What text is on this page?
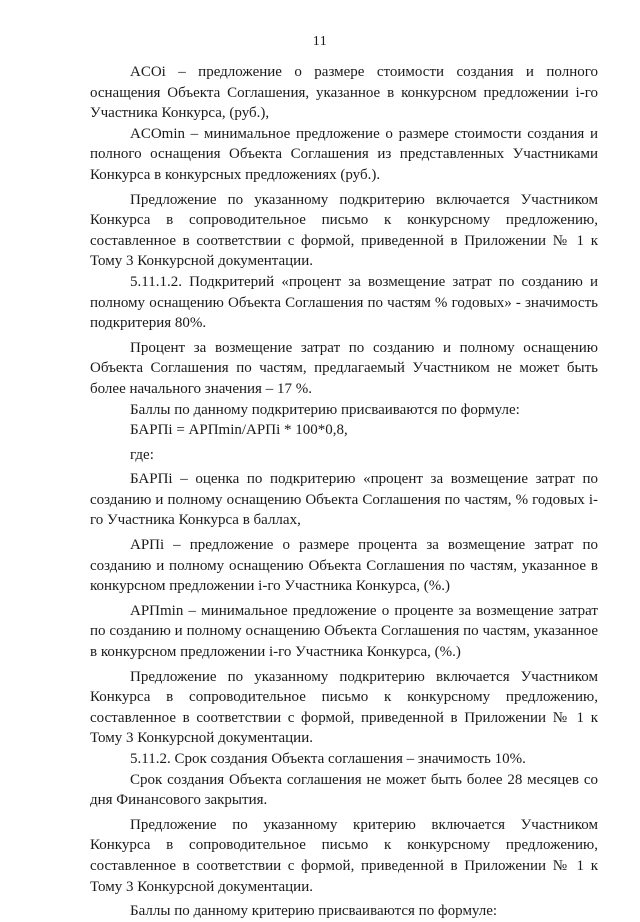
11

ACOi – предложение о размере стоимости создания и полного оснащения Объекта Соглашения, указанное в конкурсном предложении i-го Участника Конкурса, (руб.),

ACOmin – минимальное предложение о размере стоимости создания и полного оснащения Объекта Соглашения из представленных Участниками Конкурса в конкурсных предложениях (руб.).

Предложение по указанному подкритерию включается Участником Конкурса в сопроводительное письмо к конкурсному предложению, составленное в соответствии с формой, приведенной в Приложении № 1 к Тому 3 Конкурсной документации.

5.11.1.2. Подкритерий «процент за возмещение затрат по созданию и полному оснащению Объекта Соглашения по частям % годовых» - значимость подкритерия 80%.

Процент за возмещение затрат по созданию и полному оснащению Объекта Соглашения по частям, предлагаемый Участником не может быть более начального значения – 17 %.

Баллы по данному подкритерию присваиваются по формуле:

БАРПi = АРПmin/АРПi * 100*0,8,

где:

БАРПi – оценка по подкритерию «процент за возмещение затрат по созданию и полному оснащению Объекта Соглашения по частям, % годовых i-го Участника Конкурса в баллах,

АРПi – предложение о размере процента за возмещение затрат по созданию и полному оснащению Объекта Соглашения по частям, указанное в конкурсном предложении i-го Участника Конкурса, (%.)

АРПmin – минимальное предложение о проценте за возмещение затрат по созданию и полному оснащению Объекта Соглашения по частям, указанное в конкурсном предложении i-го Участника Конкурса, (%.)

Предложение по указанному подкритерию включается Участником Конкурса в сопроводительное письмо к конкурсному предложению, составленное в соответствии с формой, приведенной в Приложении № 1 к Тому 3 Конкурсной документации.

5.11.2. Срок создания Объекта соглашения – значимость 10%.

Срок создания Объекта соглашения не может быть более 28 месяцев со дня Финансового закрытия.

Предложение по указанному критерию включается Участником Конкурса в сопроводительное письмо к конкурсному предложению, составленное в соответствии с формой, приведенной в Приложении № 1 к Тому 3 Конкурсной документации.

Баллы по данному критерию присваиваются по формуле:
